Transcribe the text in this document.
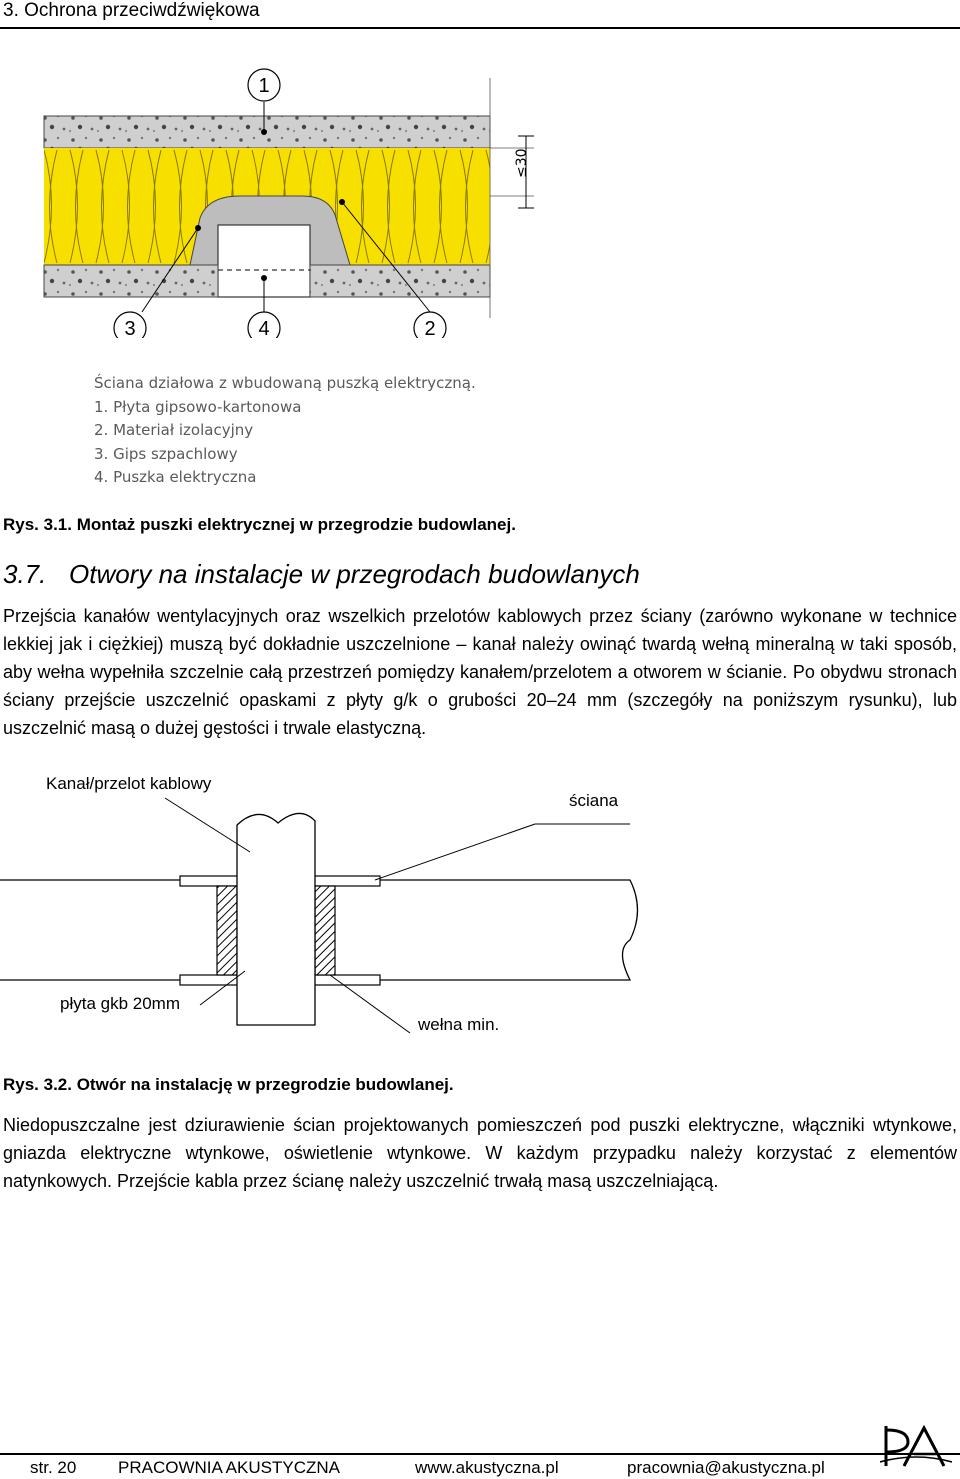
3. Ochrona przeciwdźwiękowa
≤30
1
2
3	4
Ściana działowa z wbudowaną puszką elektryczną.
1. Płyta gipsowo-kartonowa
2. Materiał izolacyjny
3. Gips szpachlowy
4. Puszka elektryczna
Rys. 3.1. Montaż puszki elektrycznej w przegrodzie budowlanej.
3.7. Otwory na instalacje w przegrodach budowlanych
Przejścia kanałów wentylacyjnych oraz wszelkich przelotów kablowych przez ściany (zarówno wykonane w technice lekkiej jak i ciężkiej) muszą być dokładnie uszczelnione – kanał należy owinąć twardą wełną mineralną w taki sposób, aby wełna wypełniła szczelnie całą przestrzeń pomiędzy kanałem/przelotem a otworem w ścianie. Po obydwu stronach ściany przejście uszczelnić opaskami z płyty g/k o grubości 20–24 mm (szczegóły na poniższym rysunku), lub uszczelnić masą o dużej gęstości i trwale elastyczną.
Kanał/przelot kablowy
ściana
płyta gkb 20mm
wełna min.
Rys. 3.2. Otwór na instalację w przegrodzie budowlanej.
Niedopuszczalne jest dziurawienie ścian projektowanych pomieszczeń pod puszki elektryczne, włączniki wtynkowe, gniazda elektryczne wtynkowe, oświetlenie wtynkowe. W każdym przypadku należy korzystać z elementów natynkowych. Przejście kabla przez ścianę należy uszczelnić trwałą masą uszczelniającą.
str. 20 PRACOWNIA AKUSTYCZNA	www.akustyczna.pl	pracownia@akustyczna.pl
